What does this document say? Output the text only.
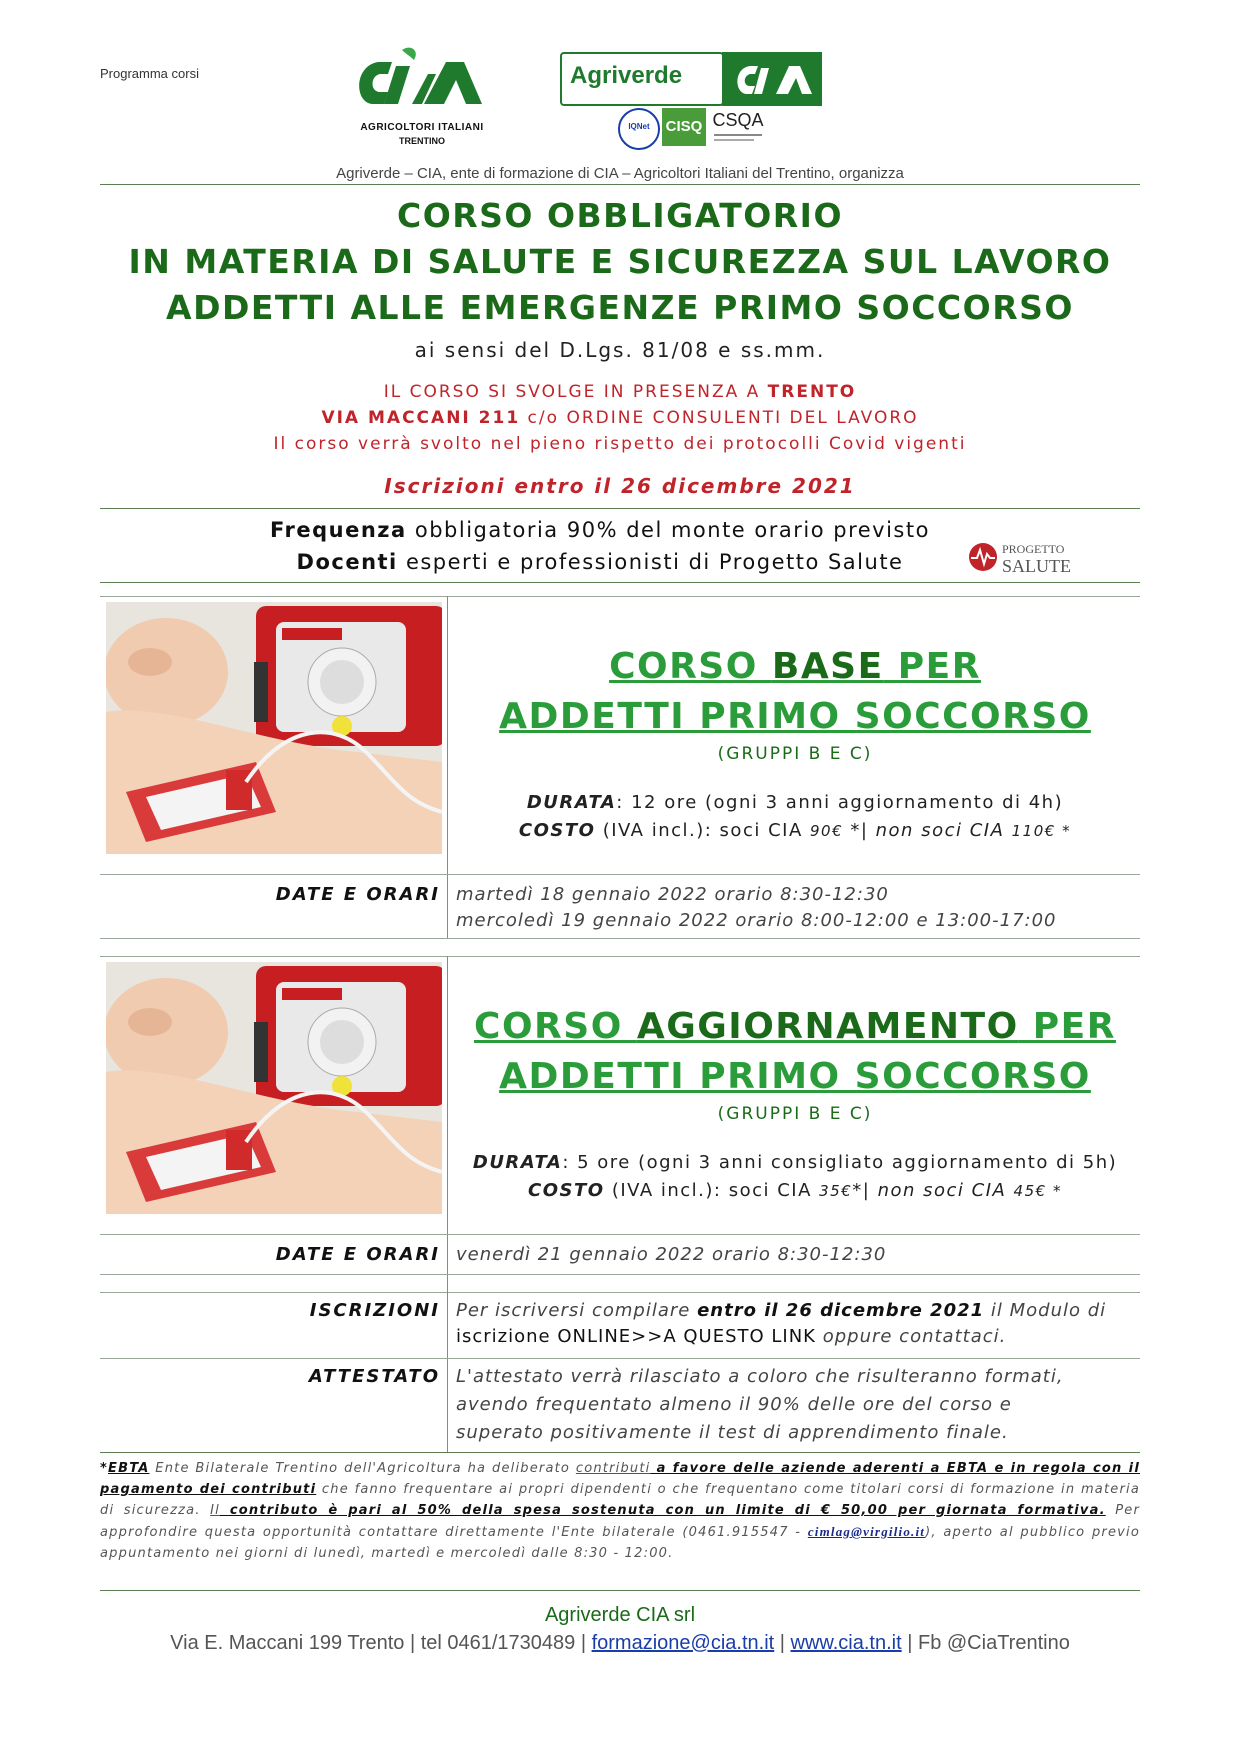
Programma corsi
AGRICOLTORI ITALIANI
TRENTINO
Agriverde
IQNet	CISQ CSQA
Agriverde – CIA, ente di formazione di CIA – Agricoltori Italiani del Trentino, organizza
CORSO OBBLIGATORIO
IN MATERIA DI SALUTE E SICUREZZA SUL LAVORO
ADDETTI ALLE EMERGENZE PRIMO SOCCORSO
ai sensi del D.Lgs. 81/08 e ss.mm.
IL CORSO SI SVOLGE IN PRESENZA A TRENTO
VIA MACCANI 211 c/o ORDINE CONSULENTI DEL LAVORO
Il corso verrà svolto nel pieno rispetto dei protocolli Covid vigenti
Iscrizioni entro il 26 dicembre 2021
Frequenza obbligatoria 90% del monte orario previsto
Docenti esperti e professionisti di Progetto Salute
PROGETTO
SALUTE
CORSO BASE PER
ADDETTI PRIMO SOCCORSO
(GRUPPI B E C)
DURATA: 12 ore (ogni 3 anni aggiornamento di 4h)
COSTO (IVA incl.): soci CIA 90€ *| non soci CIA 110€ *
DATE E ORARI martedì 18 gennaio 2022 orario 8:30-12:30
mercoledì 19 gennaio 2022 orario 8:00-12:00 e 13:00-17:00
CORSO AGGIORNAMENTO PER
ADDETTI PRIMO SOCCORSO
(GRUPPI B E C)
DURATA: 5 ore (ogni 3 anni consigliato aggiornamento di 5h)
COSTO (IVA incl.): soci CIA 35€*| non soci CIA 45€ *
DATE E ORARI venerdì 21 gennaio 2022 orario 8:30-12:30
ISCRIZIONI Per iscriversi compilare entro il 26 dicembre 2021 il Modulo di
iscrizione ONLINE>>A QUESTO LINK oppure contattaci.
ATTESTATO L'attestato verrà rilasciato a coloro che risulteranno formati,
avendo frequentato almeno il 90% delle ore del corso e
superato positivamente il test di apprendimento finale.
*EBTA Ente Bilaterale Trentino dell'Agricoltura ha deliberato contributi a favore delle aziende aderenti a EBTA e in regola con il pagamento dei contributi che fanno frequentare ai propri dipendenti o che frequentano come titolari corsi di formazione in materia di sicurezza. Il contributo è pari al 50% della spesa sostenuta con un limite di € 50,00 per giornata formativa. Per approfondire questa opportunità contattare direttamente l'Ente bilaterale (0461.915547 - cimlag@virgilio.it), aperto al pubblico previo appuntamento nei giorni di lunedì, martedì e mercoledì dalle 8:30 - 12:00.
Agriverde CIA srl
Via E. Maccani 199 Trento | tel 0461/1730489 | formazione@cia.tn.it | www.cia.tn.it | Fb @CiaTrentino
